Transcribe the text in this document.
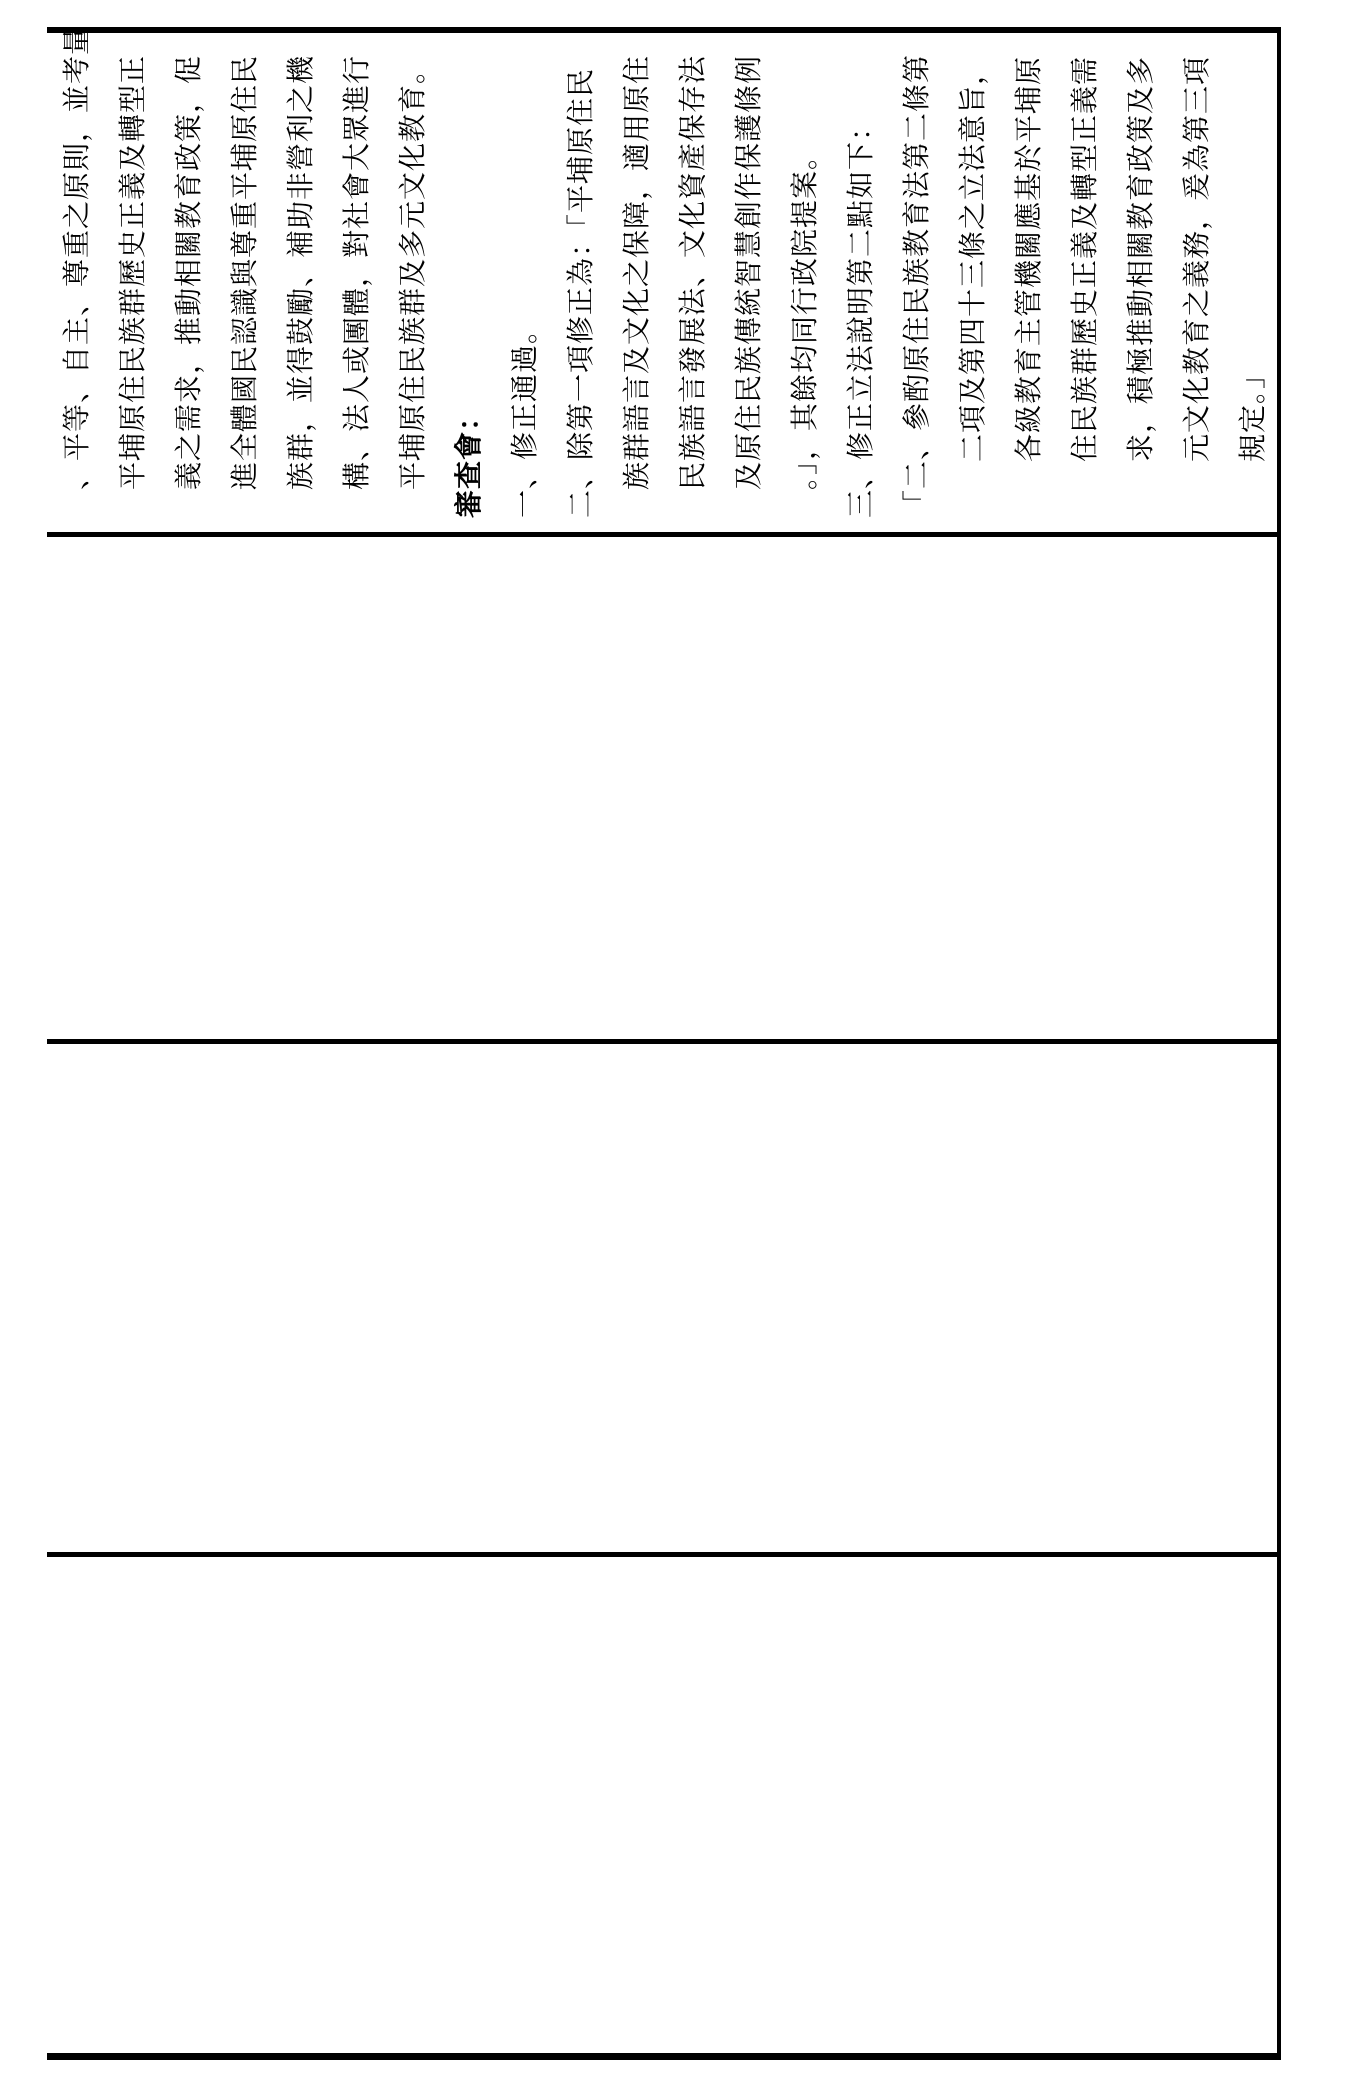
、平等、自主、尊重之原則，並考量 平埔原住民族群歷史正義及轉型正 義之需求，推動相關教育政策，促 進全體國民認識與尊重平埔原住民 族群，並得鼓勵、補助非營利之機 構、法人或團體，對社會大眾進行 平埔原住民族群及多元文化教育。 審查會： 一、修正通過。 二、除第一項修正為：「平埔原住民 族群語言及文化之保障，適用原住 民族語言發展法、文化資產保存法 及原住民族傳統智慧創作保護條例 。」，其餘均同行政院提案。 三、修正立法說明第二點如下： 「二、參酌原住民族教育法第二條第 二項及第四十三條之立法意旨， 各級教育主管機關應基於平埔原 住民族群歷史正義及轉型正義需 求，積極推動相關教育政策及多 元文化教育之義務，爰為第三項 規定。」
